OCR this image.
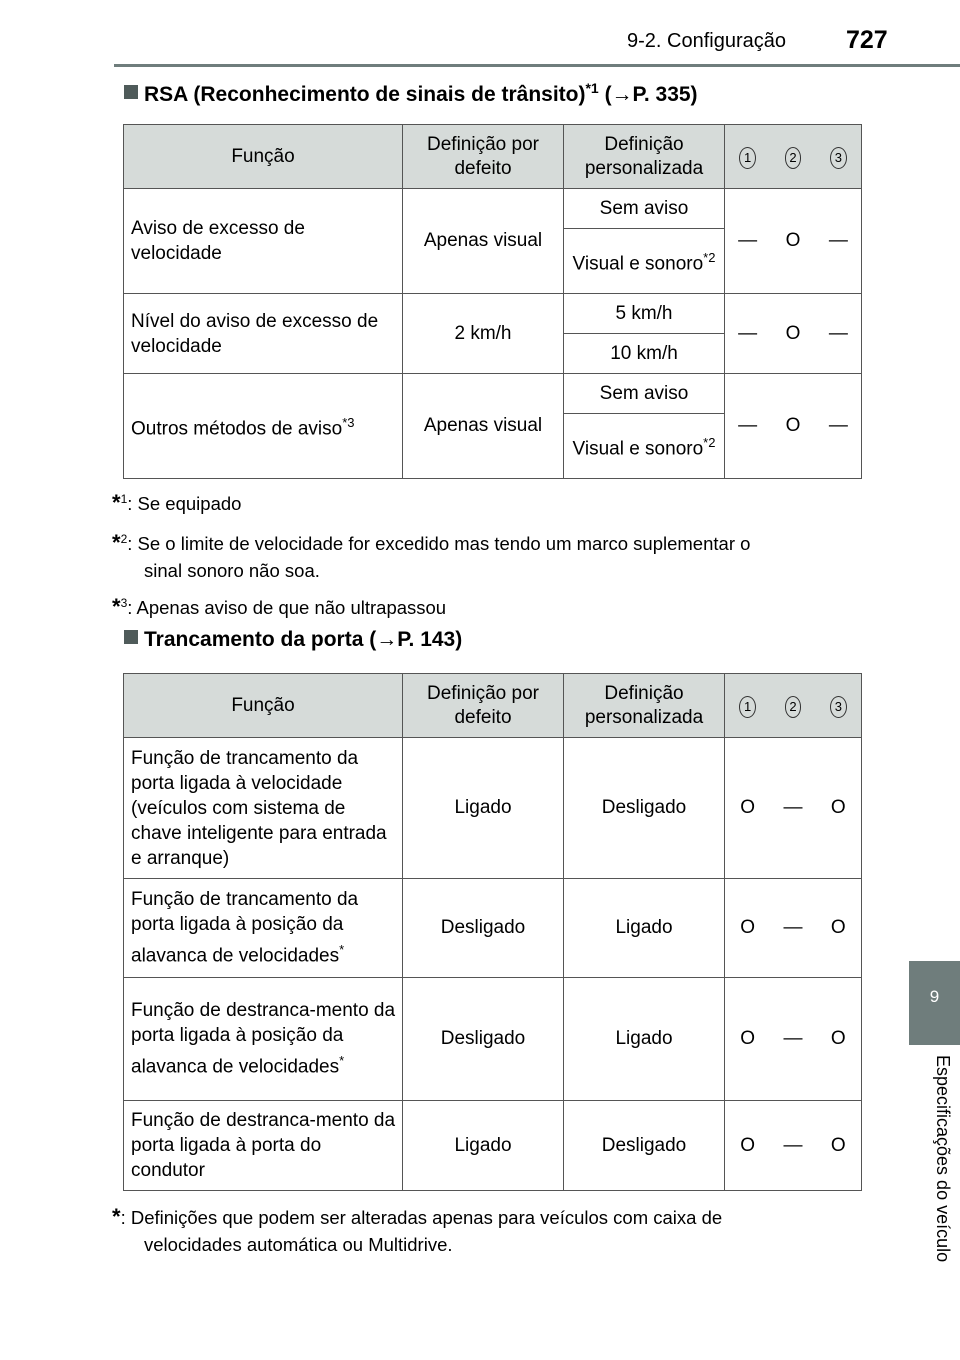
9-2. Configuração 727
9
Especificações do veículo
RSA (Reconhecimento de sinais de trânsito)$^{*1}$ (→P. 335)
Função	Definição por defeito	Definição personalizada	1 2 3

Aviso de excesso de velocidade	Apenas visual	Sem aviso	— O —

		Visual e sonoro$^{*2}$
Nível do aviso de excesso de velocidade	2 km/h	5 km/h	— O —

		10 km/h	
Outros métodos de aviso$^{*3}$	Apenas visual	Sem aviso	— O —

		Visual e sonoro$^{*2}$
*$^1$: Se equipado
*$^2$: Se o limite de velocidade for excedido mas tendo um marco suplementar o
sinal sonoro não soa.
*$^3$: Apenas aviso de que não ultrapassou
Trancamento da porta (→P. 143)
Função	Definição por defeito	Definição personalizada	1 2 3

Função de trancamento da porta ligada à velocidade (veículos com sistema de chave inteligente para entrada e arranque)	Ligado	Desligado	O — O

Função de trancamento da porta ligada à posição da alavanca de velocidades*	Desligado	Ligado	O — O

Função de destranca-mento da porta ligada à posição da alavanca de velocidades*	Desligado	Ligado	O — O

Função de destranca-mento da porta ligada à porta do condutor	Ligado	Desligado	O — O
*: Definições que podem ser alteradas apenas para veículos com caixa de
velocidades automática ou Multidrive.
